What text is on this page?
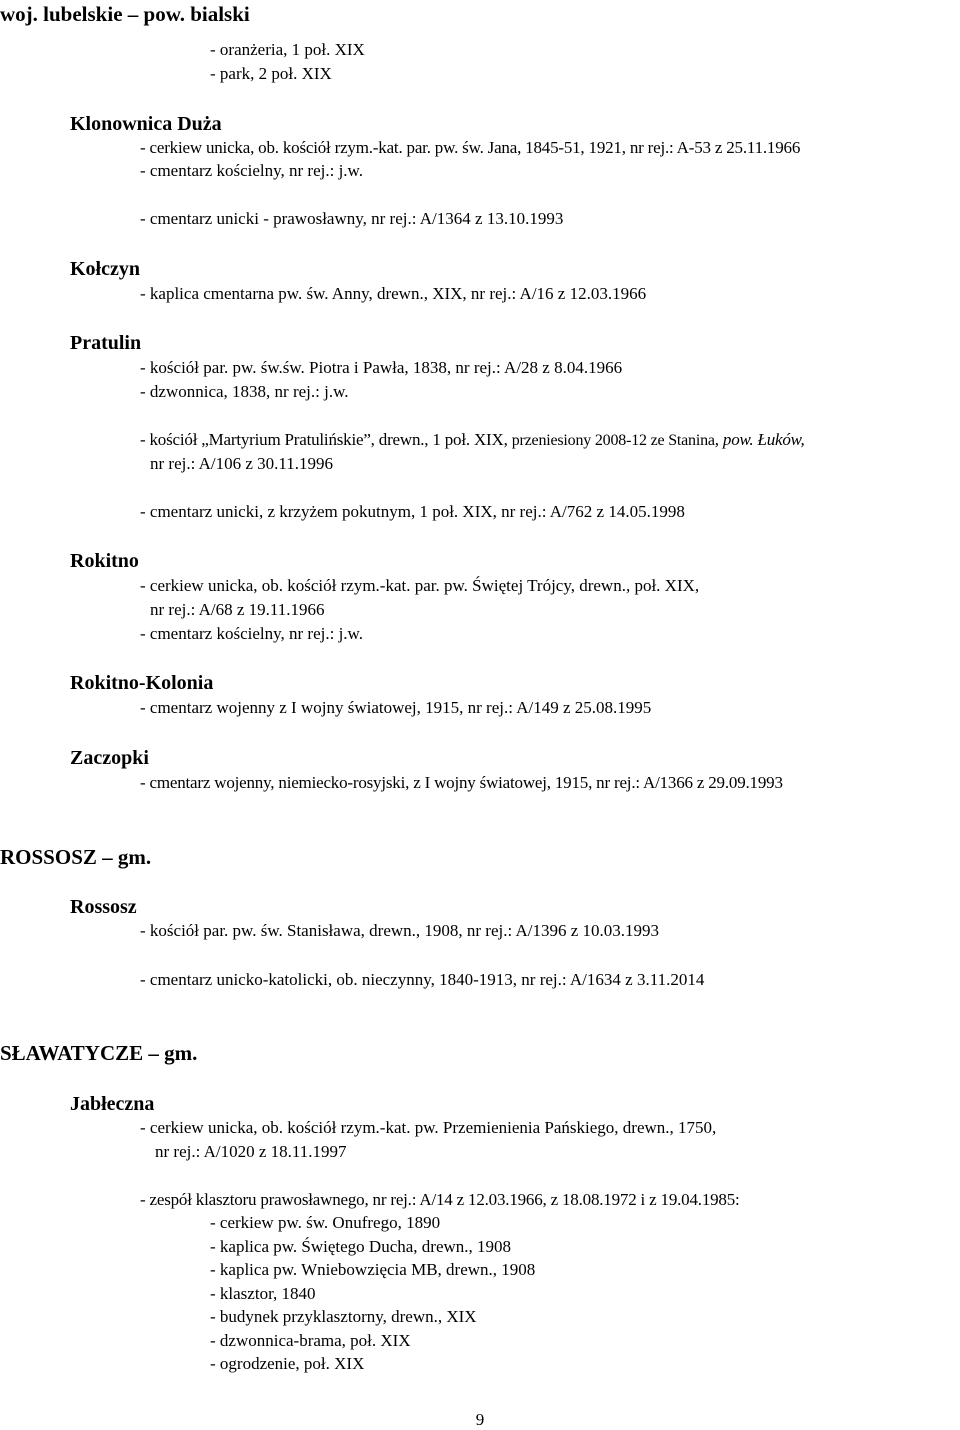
woj. lubelskie – pow. bialski
- oranżeria, 1 poł. XIX
- park, 2 poł. XIX
Klonownica Duża
- cerkiew unicka, ob. kościół rzym.-kat. par. pw. św. Jana, 1845-51, 1921, nr rej.: A-53 z 25.11.1966
- cmentarz kościelny, nr rej.: j.w.
- cmentarz unicki - prawosławny, nr rej.: A/1364 z 13.10.1993
Kołczyn
- kaplica cmentarna pw. św. Anny, drewn., XIX, nr rej.: A/16 z 12.03.1966
Pratulin
- kościół par. pw. św.św. Piotra i Pawła, 1838, nr rej.: A/28 z 8.04.1966
- dzwonnica, 1838, nr rej.: j.w.
- kościół „Martyrium Pratulińskie”, drewn., 1 poł. XIX, przeniesiony 2008-12 ze Stanina, pow. Łuków,
nr rej.: A/106 z 30.11.1996
- cmentarz unicki, z krzyżem pokutnym, 1 poł. XIX, nr rej.: A/762 z 14.05.1998
Rokitno
- cerkiew unicka, ob. kościół rzym.-kat. par. pw. Świętej Trójcy, drewn., poł. XIX,
nr rej.: A/68 z 19.11.1966
- cmentarz kościelny, nr rej.: j.w.
Rokitno-Kolonia
- cmentarz wojenny z I wojny światowej, 1915, nr rej.: A/149 z 25.08.1995
Zaczopki
- cmentarz wojenny, niemiecko-rosyjski, z I wojny światowej, 1915, nr rej.: A/1366 z 29.09.1993
ROSSOSZ – gm.
Rossosz
- kościół par. pw. św. Stanisława, drewn., 1908, nr rej.: A/1396 z 10.03.1993
- cmentarz unicko-katolicki, ob. nieczynny, 1840-1913, nr rej.: A/1634 z 3.11.2014
SŁAWATYCZE – gm.
Jabłeczna
- cerkiew unicka, ob. kościół rzym.-kat. pw. Przemienienia Pańskiego, drewn., 1750,
nr rej.: A/1020 z 18.11.1997
- zespół klasztoru prawosławnego, nr rej.: A/14 z 12.03.1966, z 18.08.1972 i z 19.04.1985:
- cerkiew pw. św. Onufrego, 1890
- kaplica pw. Świętego Ducha, drewn., 1908
- kaplica pw. Wniebowzięcia MB, drewn., 1908
- klasztor, 1840
- budynek przyklasztorny, drewn., XIX
- dzwonnica-brama, poł. XIX
- ogrodzenie, poł. XIX
9
